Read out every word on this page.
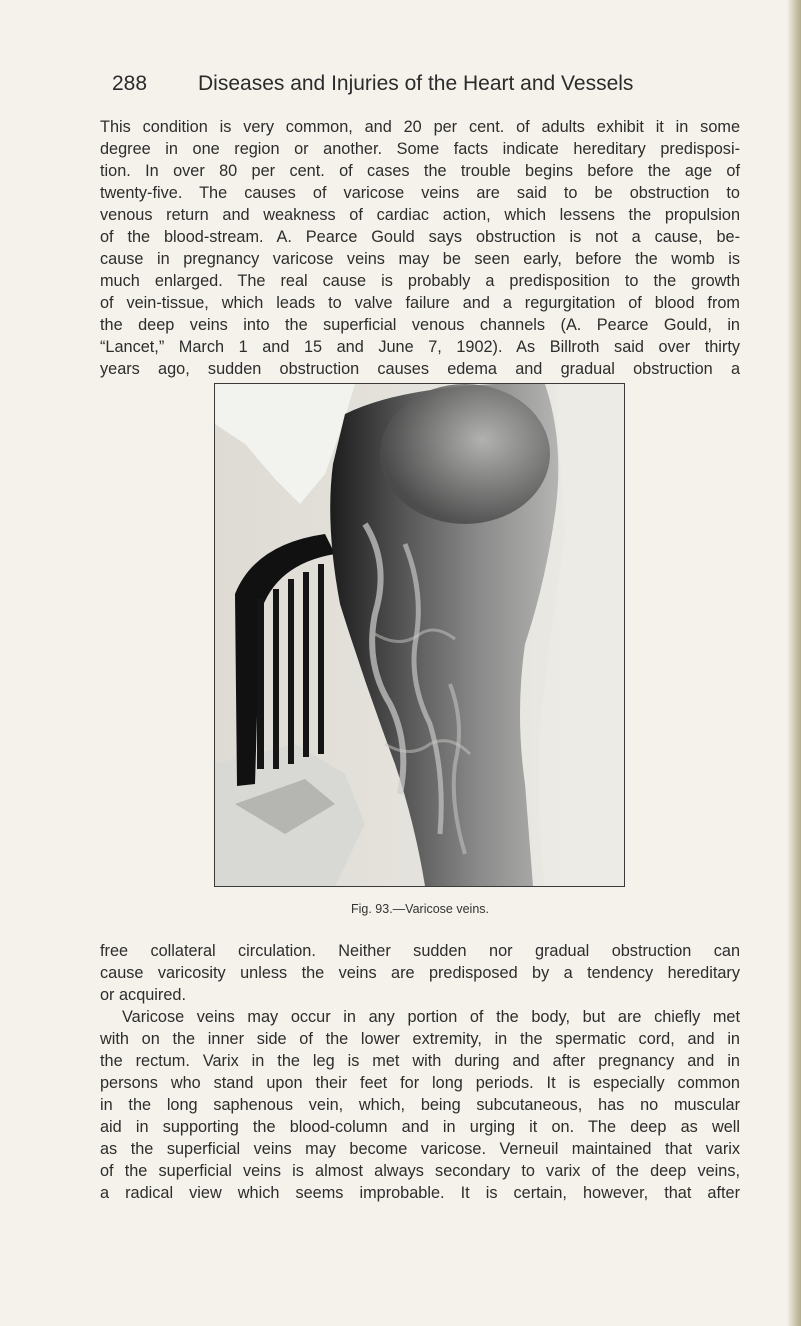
288 Diseases and Injuries of the Heart and Vessels
This condition is very common, and 20 per cent. of adults exhibit it in some
degree in one region or another. Some facts indicate hereditary predisposi-
tion. In over 80 per cent. of cases the trouble begins before the age of
twenty-five. The causes of varicose veins are said to be obstruction to
venous return and weakness of cardiac action, which lessens the propulsion
of the blood-stream. A. Pearce Gould says obstruction is not a cause, be-
cause in pregnancy varicose veins may be seen early, before the womb is
much enlarged. The real cause is probably a predisposition to the growth
of vein-tissue, which leads to valve failure and a regurgitation of blood from
the deep veins into the superficial venous channels (A. Pearce Gould, in
“Lancet,” March 1 and 15 and June 7, 1902). As Billroth said over thirty
years ago, sudden obstruction causes edema and gradual obstruction a
Fig. 93.—Varicose veins.
free collateral circulation. Neither sudden nor gradual obstruction can
cause varicosity unless the veins are predisposed by a tendency hereditary
or acquired.
Varicose veins may occur in any portion of the body, but are chiefly met
with on the inner side of the lower extremity, in the spermatic cord, and in
the rectum. Varix in the leg is met with during and after pregnancy and in
persons who stand upon their feet for long periods. It is especially common
in the long saphenous vein, which, being subcutaneous, has no muscular
aid in supporting the blood-column and in urging it on. The deep as well
as the superficial veins may become varicose. Verneuil maintained that varix
of the superficial veins is almost always secondary to varix of the deep veins,
a radical view which seems improbable. It is certain, however, that after
